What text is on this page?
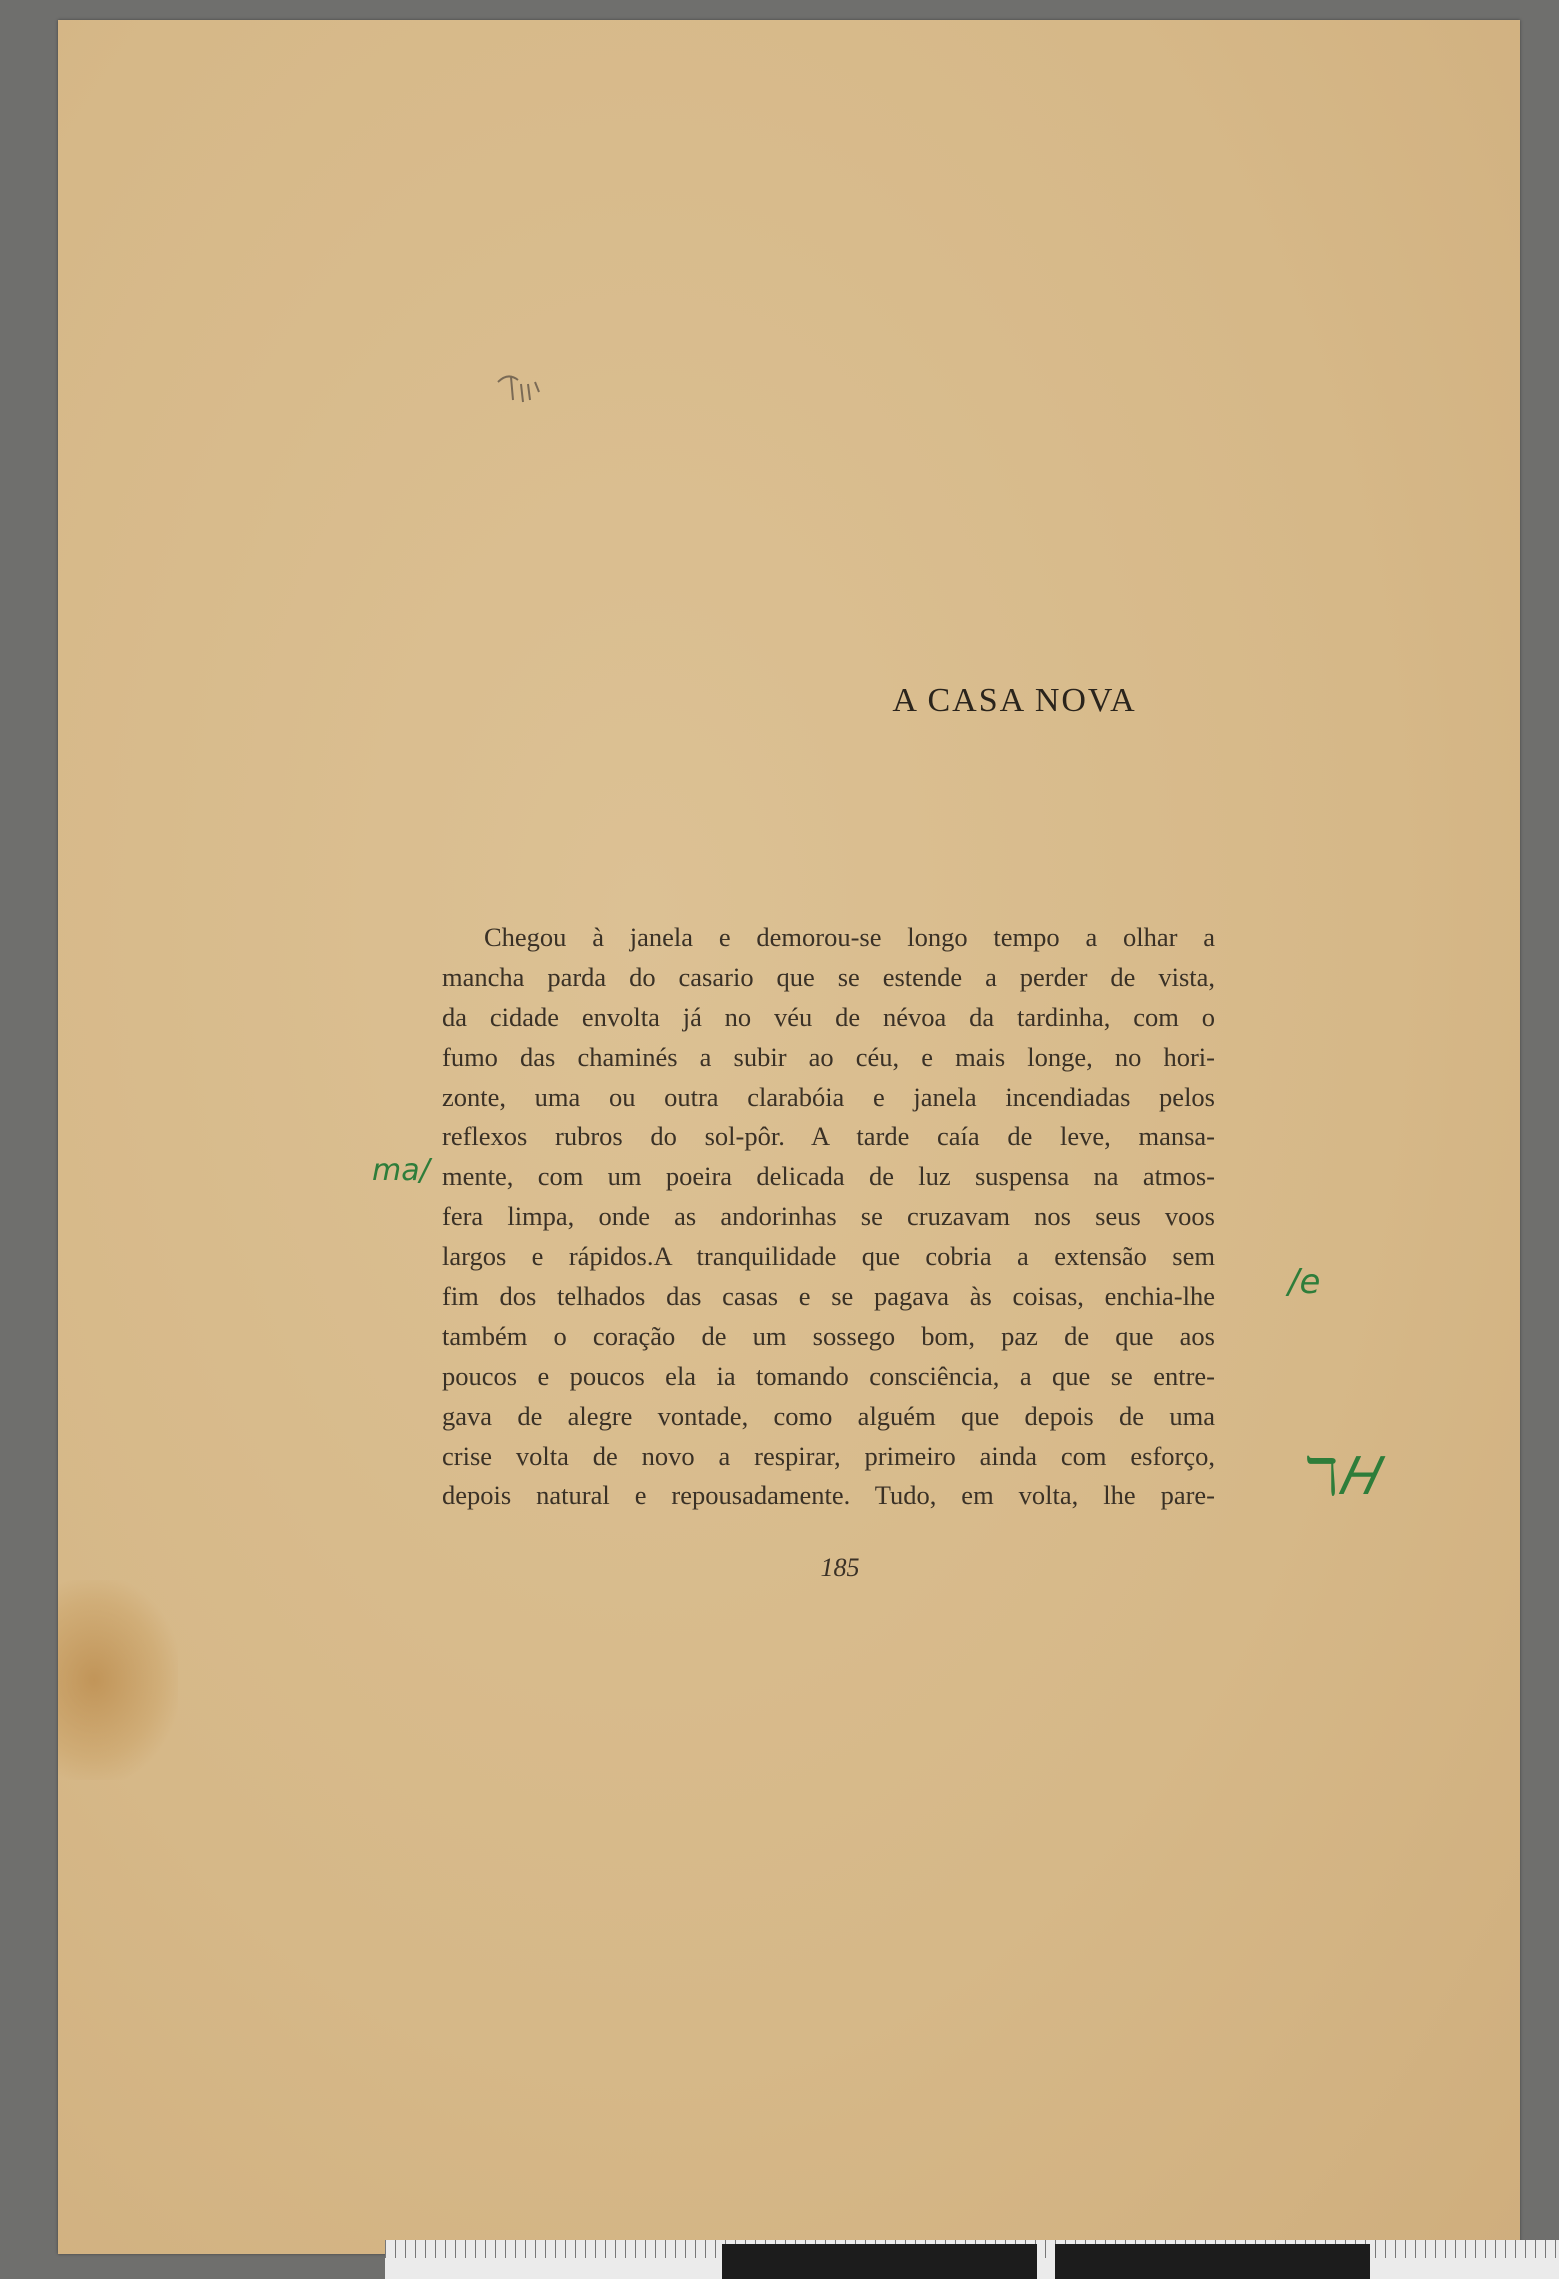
A CASA NOVA
Chegou à janela e demorou-se longo tempo a olhar a
mancha parda do casario que se estende a perder de vista,
da cidade envolta já no véu de névoa da tardinha, com o
fumo das chaminés a subir ao céu, e mais longe, no hori-
zonte, uma ou outra clarabóia e janela incendiadas pelos
reflexos rubros do sol-pôr. A tarde caía de leve, mansa-
mente, com um poeira delicada de luz suspensa na atmos-
fera limpa, onde as andorinhas se cruzavam nos seus voos
largos e rápidos.A tranquilidade que cobria a extensão sem
fim dos telhados das casas e se pagava às coisas, enchia-lhe
também o coração de um sossego bom, paz de que aos
poucos e poucos ela ia tomando consciência, a que se entre-
gava de alegre vontade, como alguém que depois de uma
crise volta de novo a respirar, primeiro ainda com esforço,
depois natural e repousadamente. Tudo, em volta, lhe pare-
ma/
/e
ℸ𝐻
185
